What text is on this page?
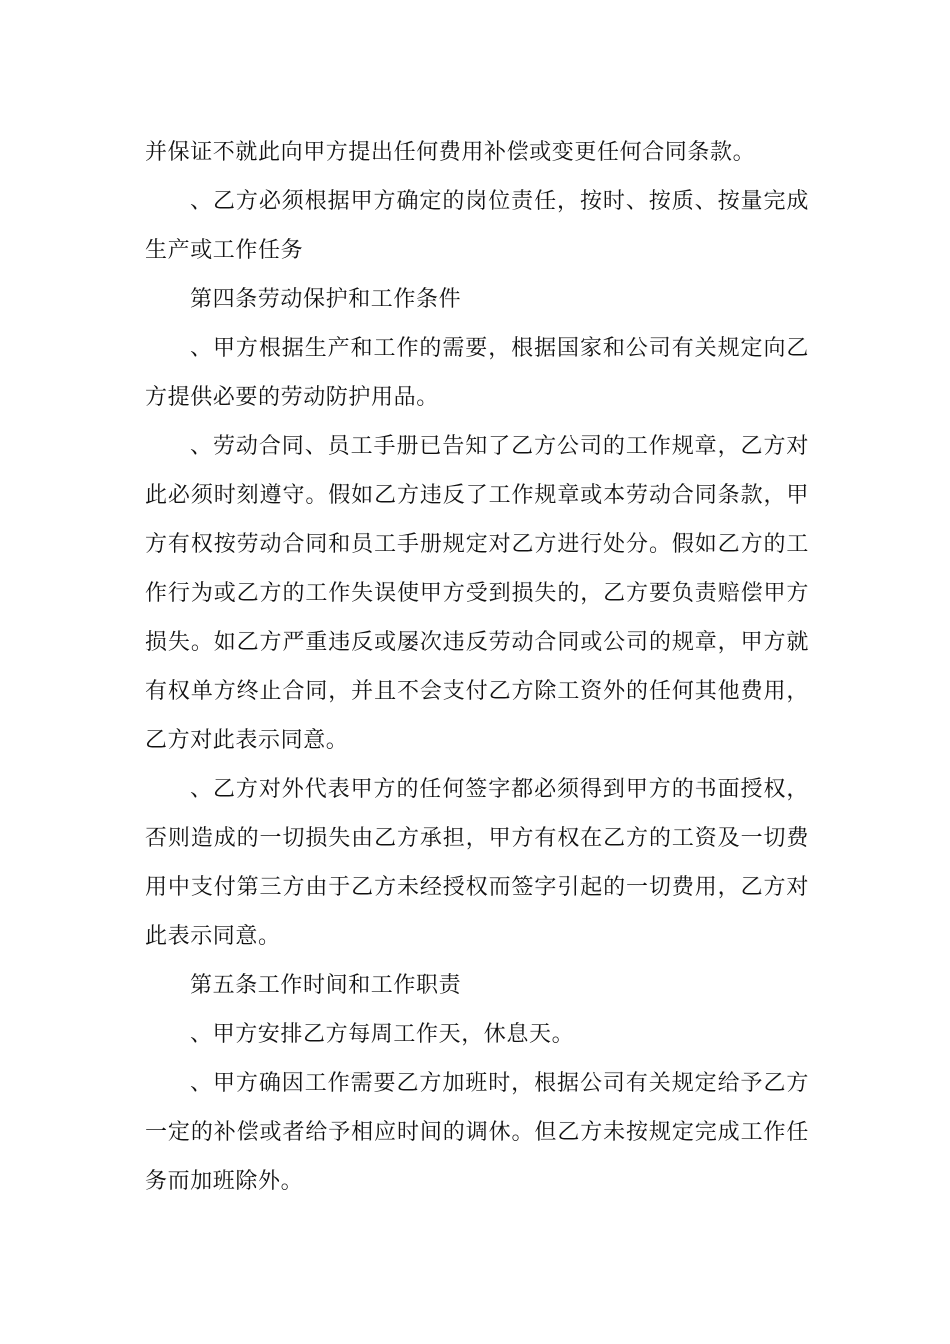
并保证不就此向甲方提出任何费用补偿或变更任何合同条款。

、乙方必须根据甲方确定的岗位责任，按时、按质、按量完成生产或工作任务

第四条劳动保护和工作条件

、甲方根据生产和工作的需要，根据国家和公司有关规定向乙方提供必要的劳动防护用品。

、劳动合同、员工手册已告知了乙方公司的工作规章，乙方对此必须时刻遵守。假如乙方违反了工作规章或本劳动合同条款，甲方有权按劳动合同和员工手册规定对乙方进行处分。假如乙方的工作行为或乙方的工作失误使甲方受到损失的，乙方要负责赔偿甲方损失。如乙方严重违反或屡次违反劳动合同或公司的规章，甲方就有权单方终止合同，并且不会支付乙方除工资外的任何其他费用，乙方对此表示同意。

、乙方对外代表甲方的任何签字都必须得到甲方的书面授权，否则造成的一切损失由乙方承担，甲方有权在乙方的工资及一切费用中支付第三方由于乙方未经授权而签字引起的一切费用，乙方对此表示同意。

第五条工作时间和工作职责

、甲方安排乙方每周工作天，休息天。

、甲方确因工作需要乙方加班时，根据公司有关规定给予乙方一定的补偿或者给予相应时间的调休。但乙方未按规定完成工作任务而加班除外。
